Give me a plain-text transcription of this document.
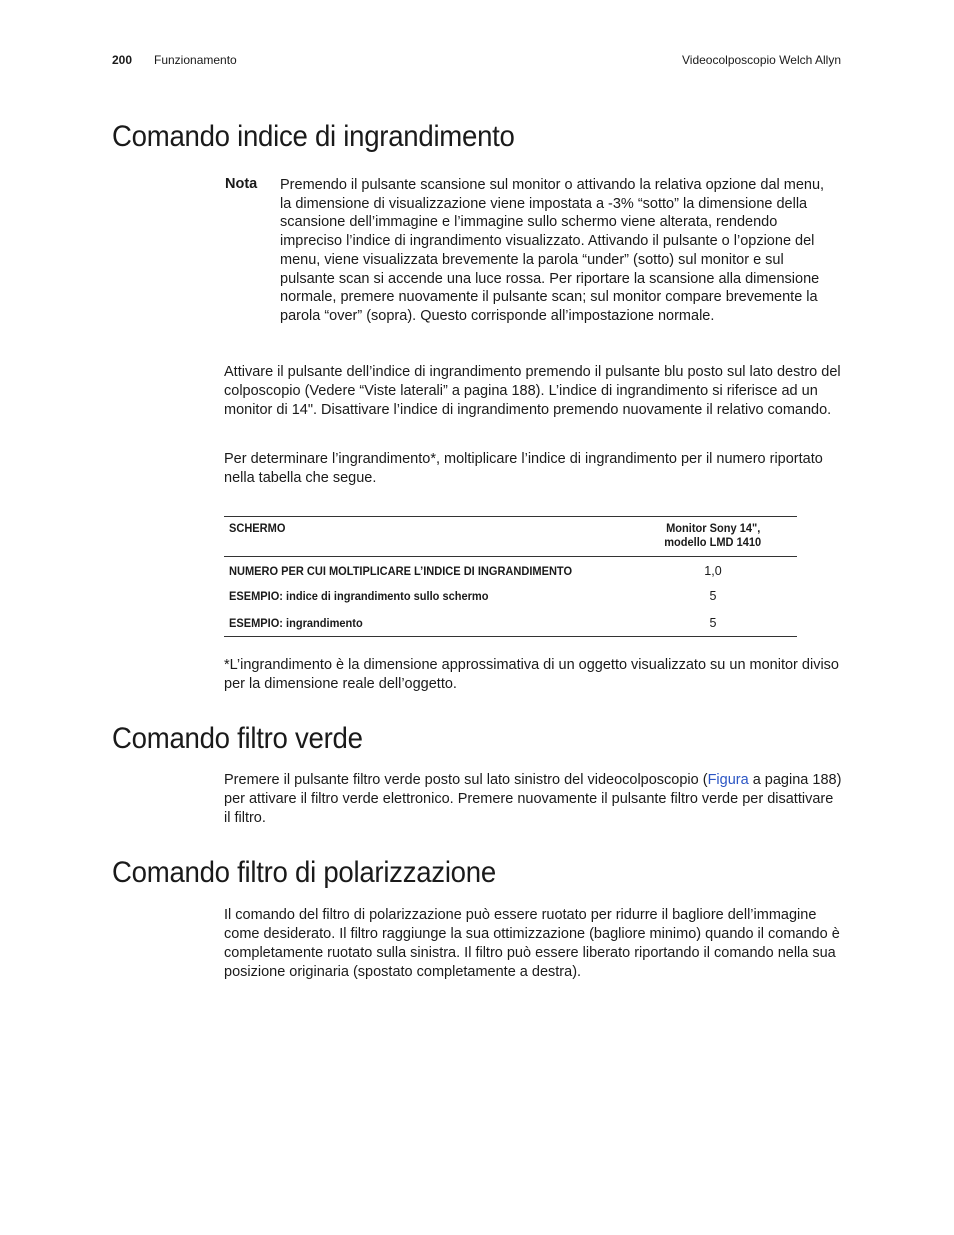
200 Funzionamento	Videocolposcopio Welch Allyn
Comando indice di ingrandimento
Nota Premendo il pulsante scansione sul monitor o attivando la relativa opzione dal menu, la dimensione di visualizzazione viene impostata a -3% “sotto” la dimensione della scansione dell’immagine e l’immagine sullo schermo viene alterata, rendendo impreciso l’indice di ingrandimento visualizzato. Attivando il pulsante o l’opzione del menu, viene visualizzata brevemente la parola “under” (sotto) sul monitor e sul pulsante scan si accende una luce rossa. Per riportare la scansione alla dimensione normale, premere nuovamente il pulsante scan; sul monitor compare brevemente la parola “over” (sopra). Questo corrisponde all’impostazione normale.

Attivare il pulsante dell’indice di ingrandimento premendo il pulsante blu posto sul lato destro del colposcopio (Vedere “Viste laterali” a pagina 188). L’indice di ingrandimento si riferisce ad un monitor di 14". Disattivare l’indice di ingrandimento premendo nuovamente il relativo comando.

Per determinare l’ingrandimento*, moltiplicare l’indice di ingrandimento per il numero riportato nella tabella che segue.

SCHERMO	Monitor Sony 14",
modello LMD 1410
NUMERO PER CUI MOLTIPLICARE L’INDICE DI INGRANDIMENTO	1,0
ESEMPIO: indice di ingrandimento sullo schermo	5
ESEMPIO: ingrandimento	5

*L’ingrandimento è la dimensione approssimativa di un oggetto visualizzato su un monitor diviso per la dimensione reale dell’oggetto.

Comando filtro verde

Premere il pulsante filtro verde posto sul lato sinistro del videocolposcopio (Figura a pagina 188) per attivare il filtro verde elettronico. Premere nuovamente il pulsante filtro verde per disattivare il filtro.

Comando filtro di polarizzazione

Il comando del filtro di polarizzazione può essere ruotato per ridurre il bagliore dell’immagine come desiderato. Il filtro raggiunge la sua ottimizzazione (bagliore minimo) quando il comando è completamente ruotato sulla sinistra. Il filtro può essere liberato riportando il comando nella sua posizione originaria (spostato completamente a destra).
